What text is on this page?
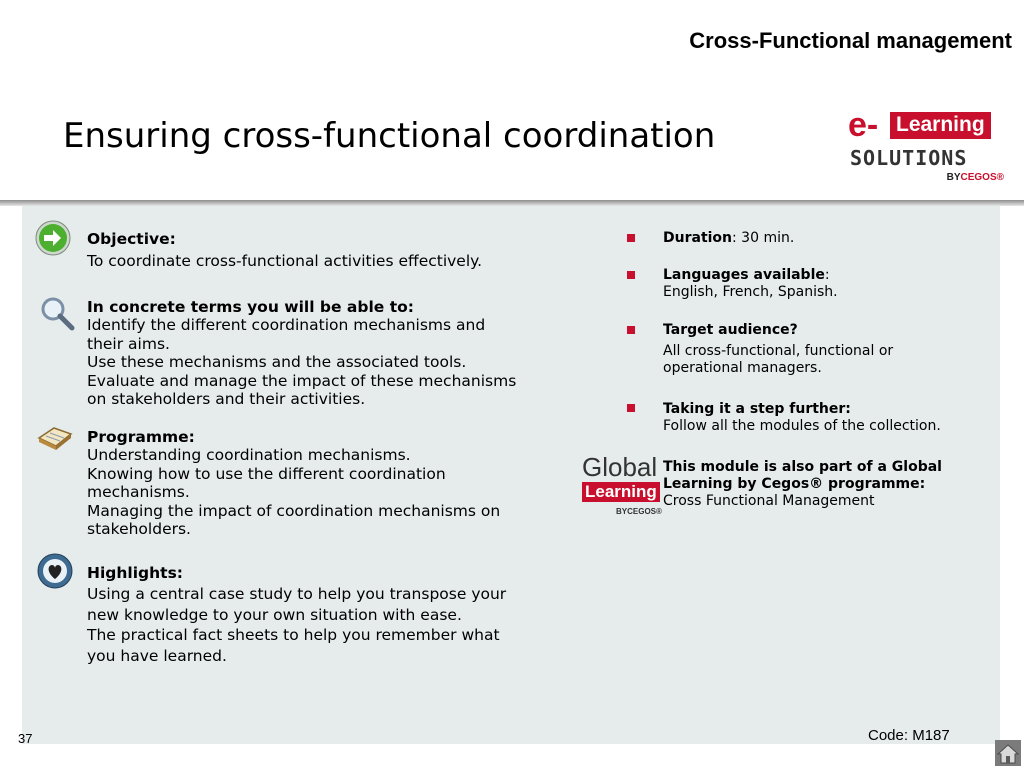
Cross-Functional management
Ensuring cross-functional coordination	e- Learning
SOLUTIONS
BYCEGOS®
Objective:
To coordinate cross-functional activities effectively.
In concrete terms you will be able to:
Identify the different coordination mechanisms and
their aims.
Use these mechanisms and the associated tools.
Evaluate and manage the impact of these mechanisms
on stakeholders and their activities.
Programme:
Understanding coordination mechanisms.
Knowing how to use the different coordination
mechanisms.
Managing the impact of coordination mechanisms on
stakeholders.
Highlights:
Using a central case study to help you transpose your
new knowledge to your own situation with ease.
The practical fact sheets to help you remember what
you have learned.
Duration: 30 min.
Languages available:
English, French, Spanish.
Target audience?

All cross-functional, functional or
operational managers.
Taking it a step further:
Follow all the modules of the collection.
Global
Learning
BYCEGOS®
This module is also part of a Global
Learning by Cegos® programme:
Cross Functional Management
Code: M187
37
